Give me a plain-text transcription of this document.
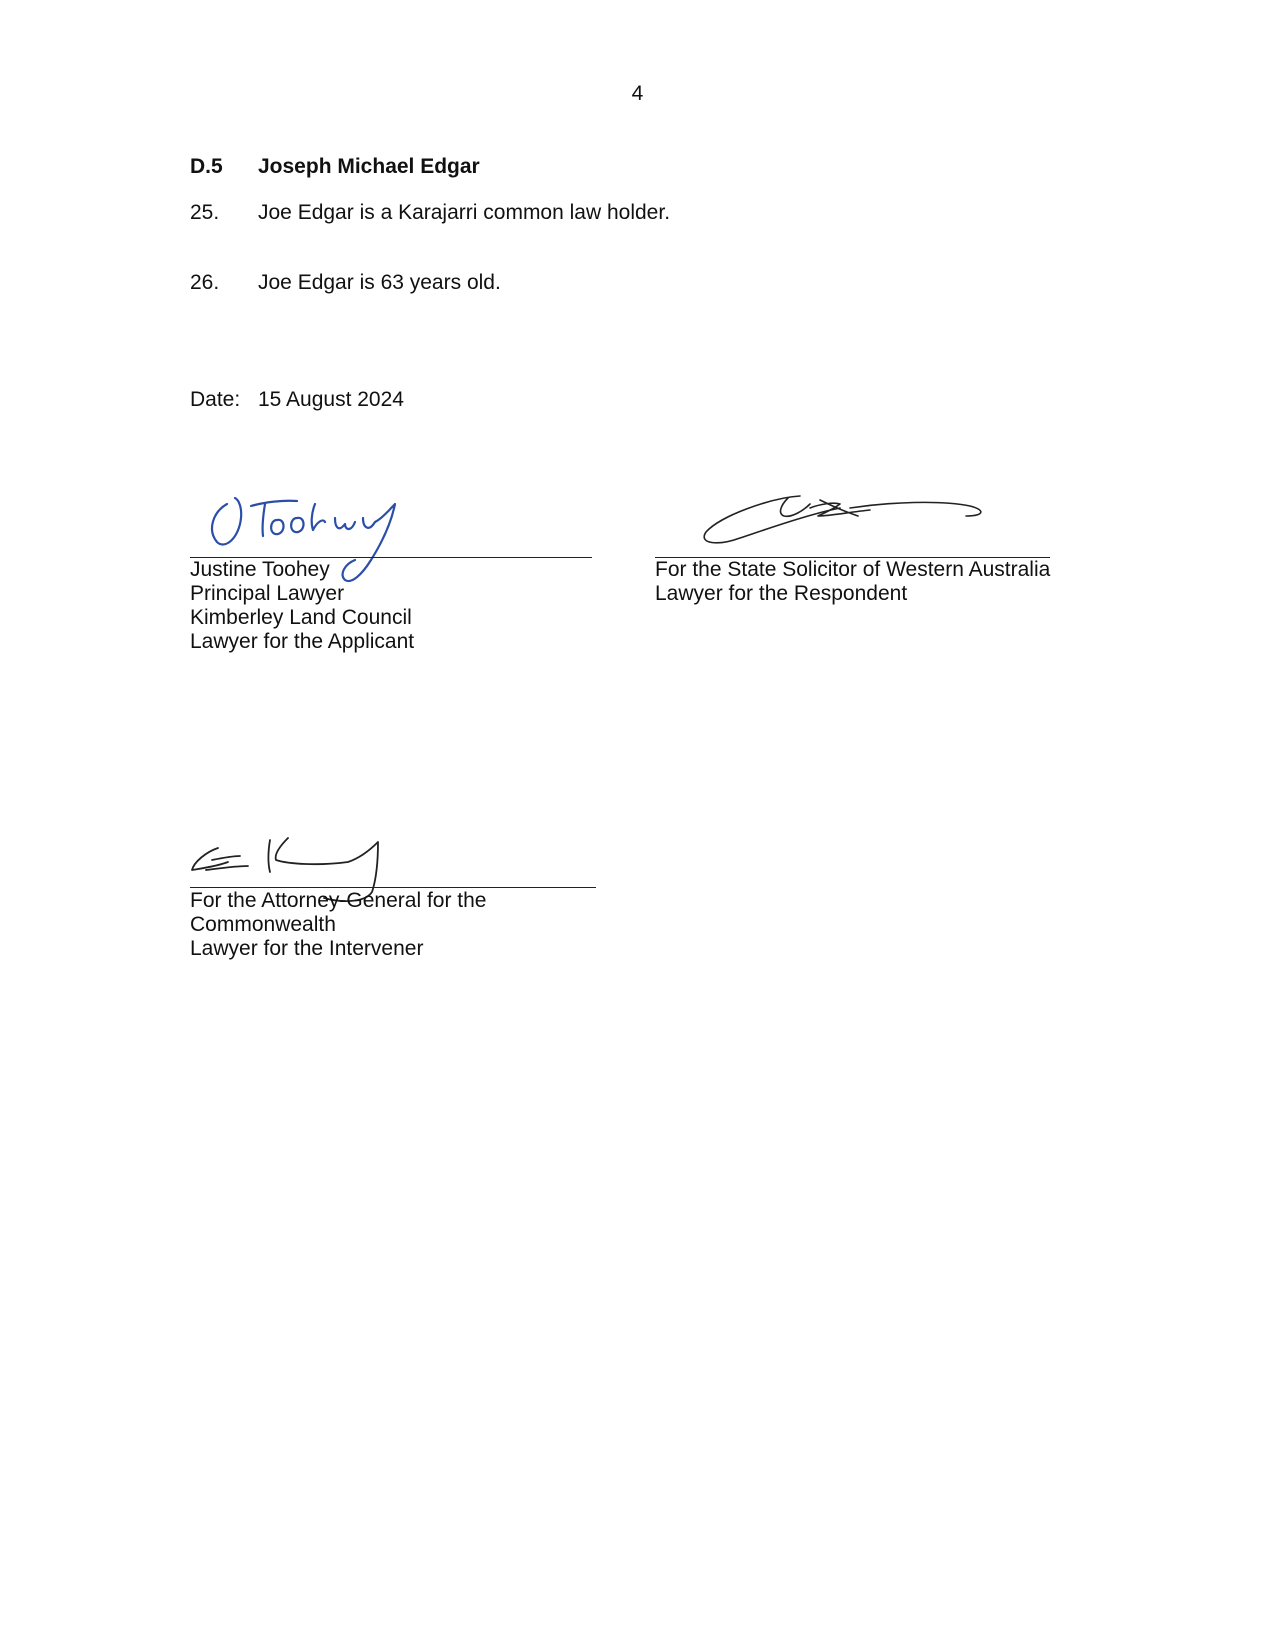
4
D.5 Joseph Michael Edgar
25. Joe Edgar is a Karajarri common law holder.
26. Joe Edgar is 63 years old.
Date: 15 August 2024
Justine Toohey
Principal Lawyer
Kimberley Land Council
Lawyer for the Applicant
For the State Solicitor of Western Australia
Lawyer for the Respondent
For the Attorney-General for the
Commonwealth
Lawyer for the Intervener
